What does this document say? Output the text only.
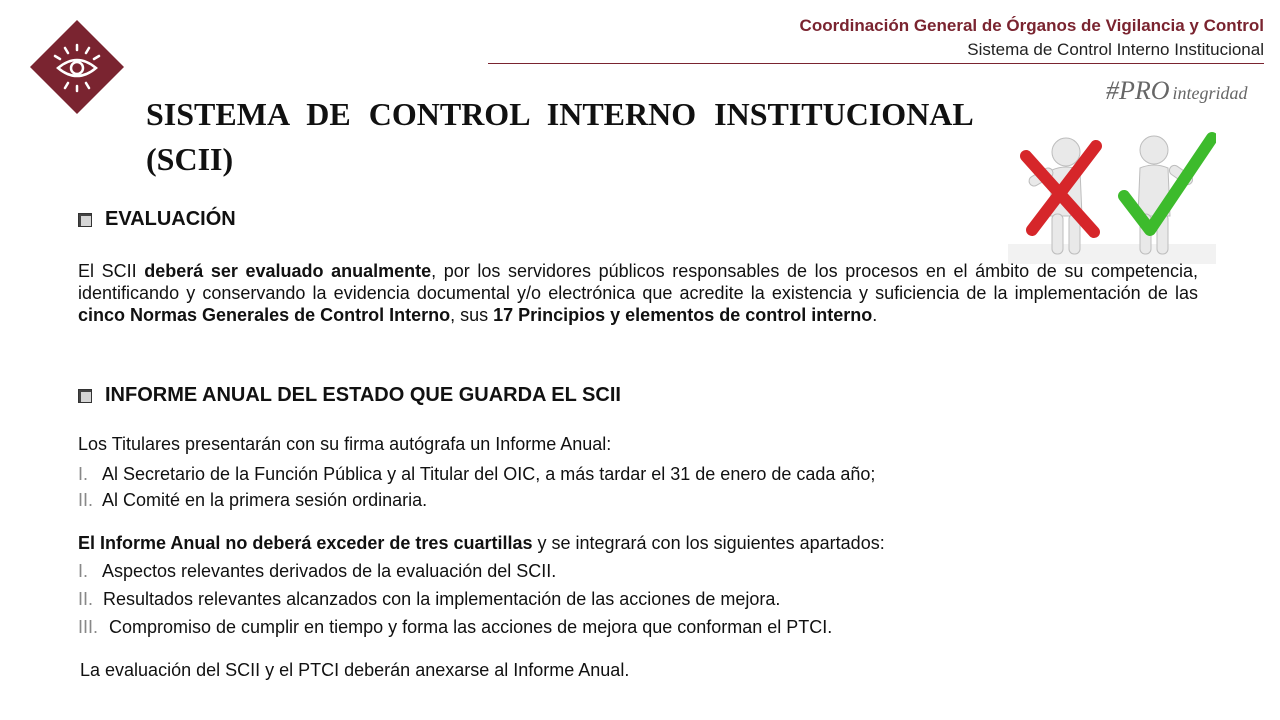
Coordinación General de Órganos de Vigilancia y Control
Sistema de Control Interno Institucional
#PRO integridad
SISTEMA DE CONTROL INTERNO INSTITUCIONAL
(SCII)
EVALUACIÓN

El SCII deberá ser evaluado anualmente, por los servidores públicos responsables de los procesos en el ámbito de su competencia, identificando y conservando la evidencia documental y/o electrónica que acredite la existencia y suficiencia de la implementación de las cinco Normas Generales de Control Interno, sus 17 Principios y elementos de control interno.

INFORME ANUAL DEL ESTADO QUE GUARDA EL SCII

Los Titulares presentarán con su firma autógrafa un Informe Anual:

I. Al Secretario de la Función Pública y al Titular del OIC, a más tardar el 31 de enero de cada año;
II. Al Comité en la primera sesión ordinaria.

El Informe Anual no deberá exceder de tres cuartillas y se integrará con los siguientes apartados:

I. Aspectos relevantes derivados de la evaluación del SCII.
II. Resultados relevantes alcanzados con la implementación de las acciones de mejora.
III. Compromiso de cumplir en tiempo y forma las acciones de mejora que conforman el PTCI.

La evaluación del SCII y el PTCI deberán anexarse al Informe Anual.
